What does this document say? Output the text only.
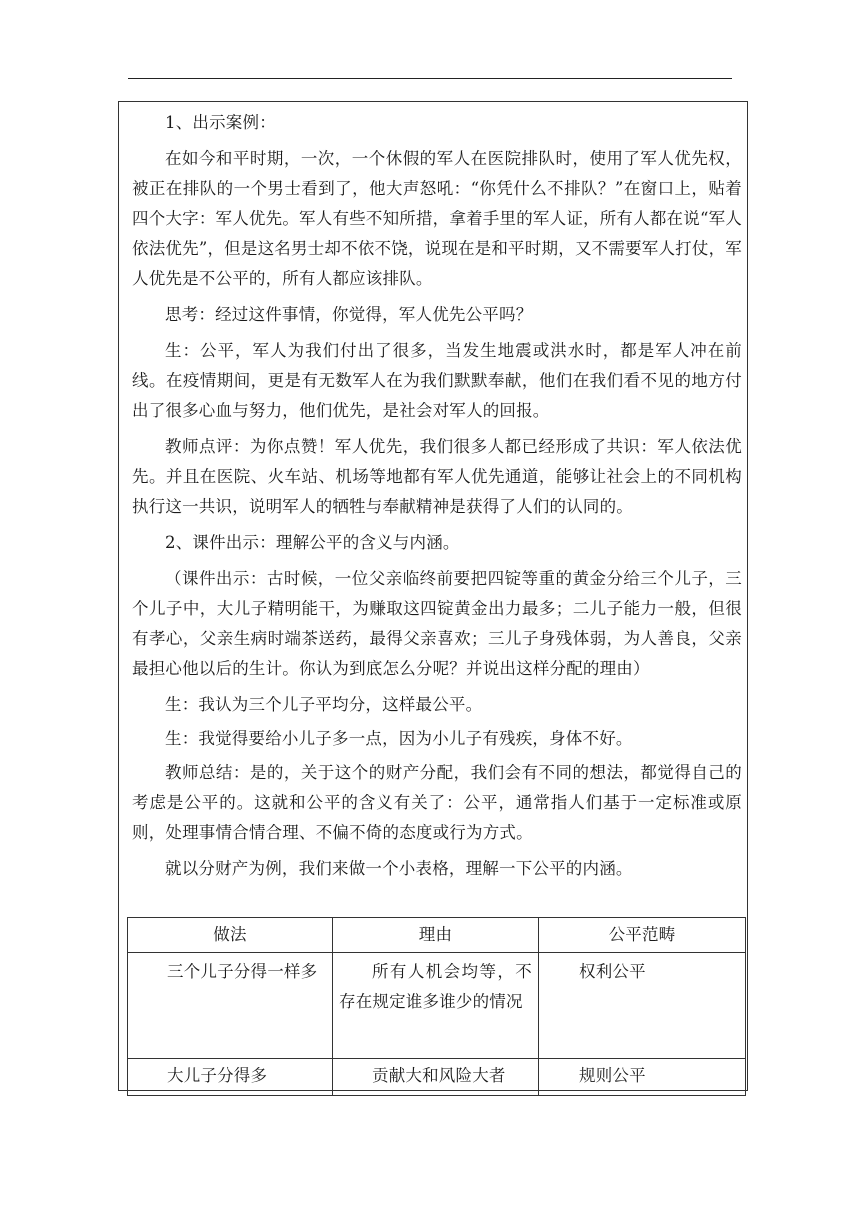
1、出示案例：

在如今和平时期，一次，一个休假的军人在医院排队时，使用了军人优先权，被正在排队的一个男士看到了，他大声怒吼：“你凭什么不排队？”在窗口上，贴着四个大字：军人优先。军人有些不知所措，拿着手里的军人证，所有人都在说“军人依法优先”，但是这名男士却不依不饶，说现在是和平时期，又不需要军人打仗，军人优先是不公平的，所有人都应该排队。

思考：经过这件事情，你觉得，军人优先公平吗？

生：公平，军人为我们付出了很多，当发生地震或洪水时，都是军人冲在前线。在疫情期间，更是有无数军人在为我们默默奉献，他们在我们看不见的地方付出了很多心血与努力，他们优先，是社会对军人的回报。

教师点评：为你点赞！军人优先，我们很多人都已经形成了共识：军人依法优先。并且在医院、火车站、机场等地都有军人优先通道，能够让社会上的不同机构执行这一共识，说明军人的牺牲与奉献精神是获得了人们的认同的。

2、课件出示：理解公平的含义与内涵。

（课件出示：古时候，一位父亲临终前要把四锭等重的黄金分给三个儿子，三个儿子中，大儿子精明能干，为赚取这四锭黄金出力最多；二儿子能力一般，但很有孝心，父亲生病时端茶送药，最得父亲喜欢；三儿子身残体弱，为人善良，父亲最担心他以后的生计。你认为到底怎么分呢？并说出这样分配的理由）

生：我认为三个儿子平均分，这样最公平。

生：我觉得要给小儿子多一点，因为小儿子有残疾，身体不好。

教师总结：是的，关于这个的财产分配，我们会有不同的想法，都觉得自己的考虑是公平的。这就和公平的含义有关了：公平，通常指人们基于一定标准或原则，处理事情合情合理、不偏不倚的态度或行为方式。

就以分财产为例，我们来做一个小表格，理解一下公平的内涵。

做法	理由	公平范畴
三个儿子分得一样多	所有人机会均等，不存在规定谁多谁少的情况	权利公平
大儿子分得多	贡献大和风险大者	规则公平
